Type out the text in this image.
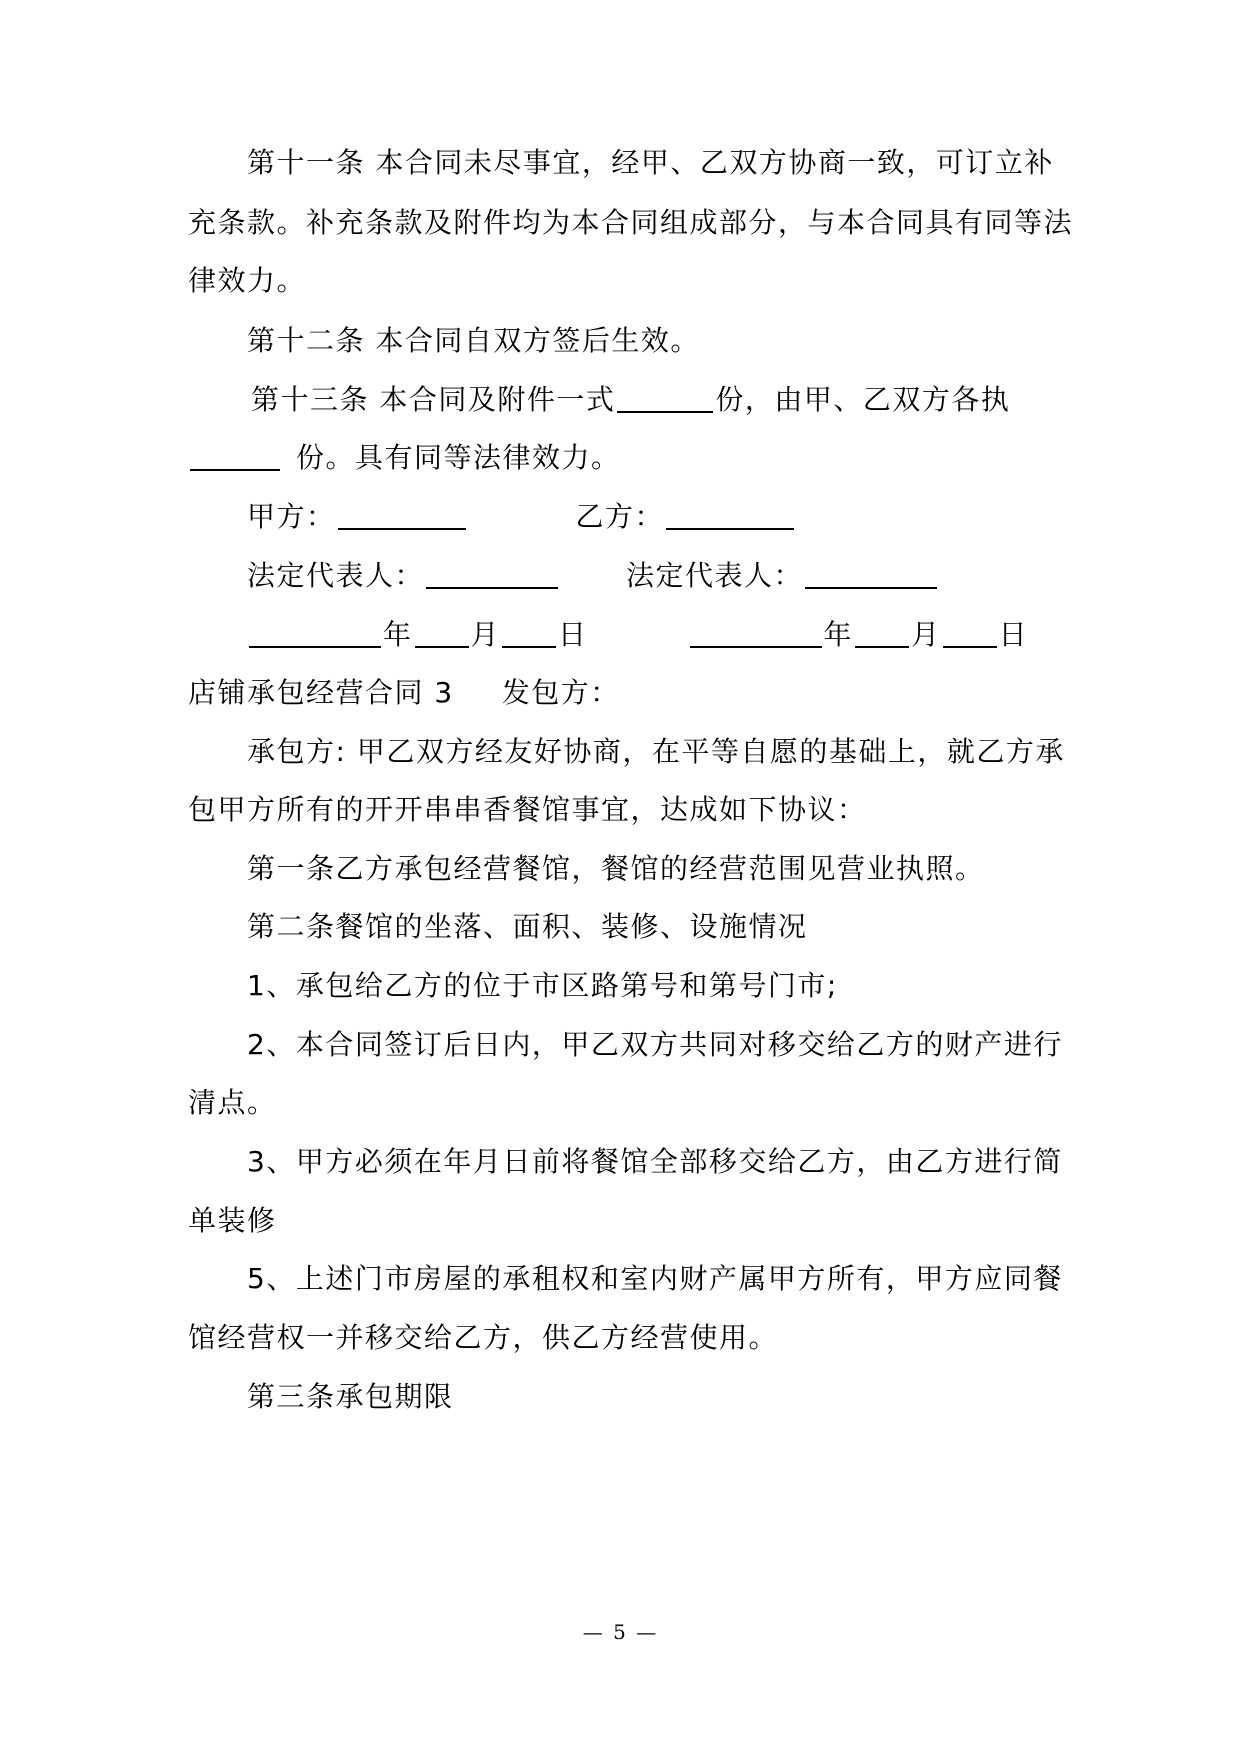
第十一条 本合同未尽事宜，经甲、乙双方协商一致，可订立补

充条款。补充条款及附件均为本合同组成部分，与本合同具有同等法

律效力。

第十二条 本合同自双方签后生效。

第十三条 本合同及附件一式	份，由甲、乙双方各执

份。具有同等法律效力。

甲方：	乙方：

法定代表人：	法定代表人：

年 月 日	年 月 日

店铺承包经营合同 3 发包方：

承包方: 甲乙双方经友好协商，在平等自愿的基础上，就乙方承

包甲方所有的开开串串香餐馆事宜，达成如下协议：

第一条乙方承包经营餐馆，餐馆的经营范围见营业执照。

第二条餐馆的坐落、面积、装修、设施情况

1、承包给乙方的位于市区路第号和第号门市;

2、本合同签订后日内，甲乙双方共同对移交给乙方的财产进行

清点。

3、甲方必须在年月日前将餐馆全部移交给乙方，由乙方进行简

单装修

5、上述门市房屋的承租权和室内财产属甲方所有，甲方应同餐

馆经营权一并移交给乙方，供乙方经营使用。

第三条承包期限

— 5 —
